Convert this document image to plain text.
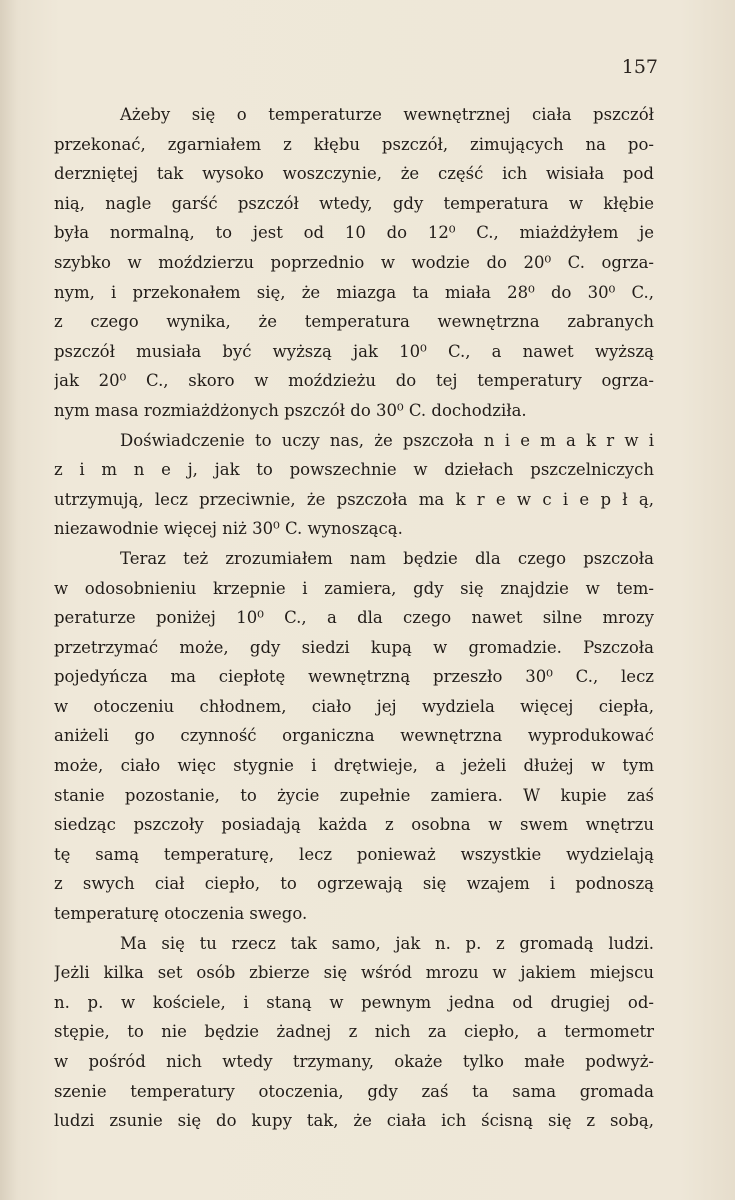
157
Ażeby się o temperaturze wewnętrznej ciała pszczół
przekonać, zgarniałem z kłębu pszczół, zimujących na po-
derzniętej tak wysoko woszczynie, że część ich wisiała pod
nią, nagle garść pszczół wtedy, gdy temperatura w kłębie
była normalną, to jest od 10 do 12⁰ C., miażdżyłem je
szybko w moździerzu poprzednio w wodzie do 20⁰ C. ogrza-
nym, i przekonałem się, że miazga ta miała 28⁰ do 30⁰ C.,
z czego wynika, że temperatura wewnętrzna zabranych
pszczół musiała być wyższą jak 10⁰ C., a nawet wyższą
jak 20⁰ C., skoro w moździeżu do tej temperatury ogrza-
nym masa rozmiażdżonych pszczół do 30⁰ C. dochodziła.
Doświadczenie to uczy nas, że pszczoła n i e m a k r w i
z i m n e j, jak to powszechnie w dziełach pszczelniczych
utrzymują, lecz przeciwnie, że pszczoła ma k r e w c i e p ł ą,
niezawodnie więcej niż 30⁰ C. wynoszącą.
Teraz też zrozumiałem nam będzie dla czego pszczoła
w odosobnieniu krzepnie i zamiera, gdy się znajdzie w tem-
peraturze poniżej 10⁰ C., a dla czego nawet silne mrozy
przetrzymać może, gdy siedzi kupą w gromadzie. Pszczoła
pojedyńcza ma ciepłotę wewnętrzną przeszło 30⁰ C., lecz
w otoczeniu chłodnem, ciało jej wydziela więcej ciepła,
aniżeli go czynność organiczna wewnętrzna wyprodukować
może, ciało więc stygnie i drętwieje, a jeżeli dłużej w tym
stanie pozostanie, to życie zupełnie zamiera. W kupie zaś
siedząc pszczoły posiadają każda z osobna w swem wnętrzu
tę samą temperaturę, lecz ponieważ wszystkie wydzielają
z swych ciał ciepło, to ogrzewają się wzajem i podnoszą
temperaturę otoczenia swego.
Ma się tu rzecz tak samo, jak n. p. z gromadą ludzi.
Jeżli kilka set osób zbierze się wśród mrozu w jakiem miejscu
n. p. w kościele, i staną w pewnym jedna od drugiej od-
stępie, to nie będzie żadnej z nich za ciepło, a termometr
w pośród nich wtedy trzymany, okaże tylko małe podwyż-
szenie temperatury otoczenia, gdy zaś ta sama gromada
ludzi zsunie się do kupy tak, że ciała ich ścisną się z sobą,
